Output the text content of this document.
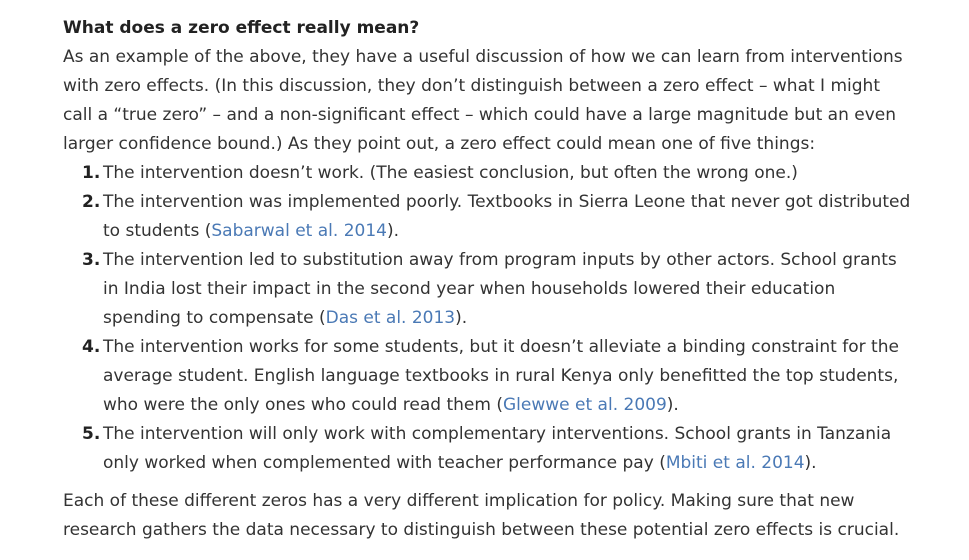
What does a zero effect really mean?

As an example of the above, they have a useful discussion of how we can learn from interventions with zero effects. (In this discussion, they don’t distinguish between a zero effect – what I might call a “true zero” – and a non-significant effect – which could have a large magnitude but an even larger confidence bound.) As they point out, a zero effect could mean one of five things:

1. The intervention doesn’t work. (The easiest conclusion, but often the wrong one.)
2. The intervention was implemented poorly. Textbooks in Sierra Leone that never got distributed to students (Sabarwal et al. 2014).
3. The intervention led to substitution away from program inputs by other actors. School grants in India lost their impact in the second year when households lowered their education spending to compensate (Das et al. 2013).
4. The intervention works for some students, but it doesn’t alleviate a binding constraint for the average student. English language textbooks in rural Kenya only benefitted the top students, who were the only ones who could read them (Glewwe et al. 2009).
5. The intervention will only work with complementary interventions. School grants in Tanzania only worked when complemented with teacher performance pay (Mbiti et al. 2014).

Each of these different zeros has a very different implication for policy. Making sure that new research gathers the data necessary to distinguish between these potential zero effects is crucial.
